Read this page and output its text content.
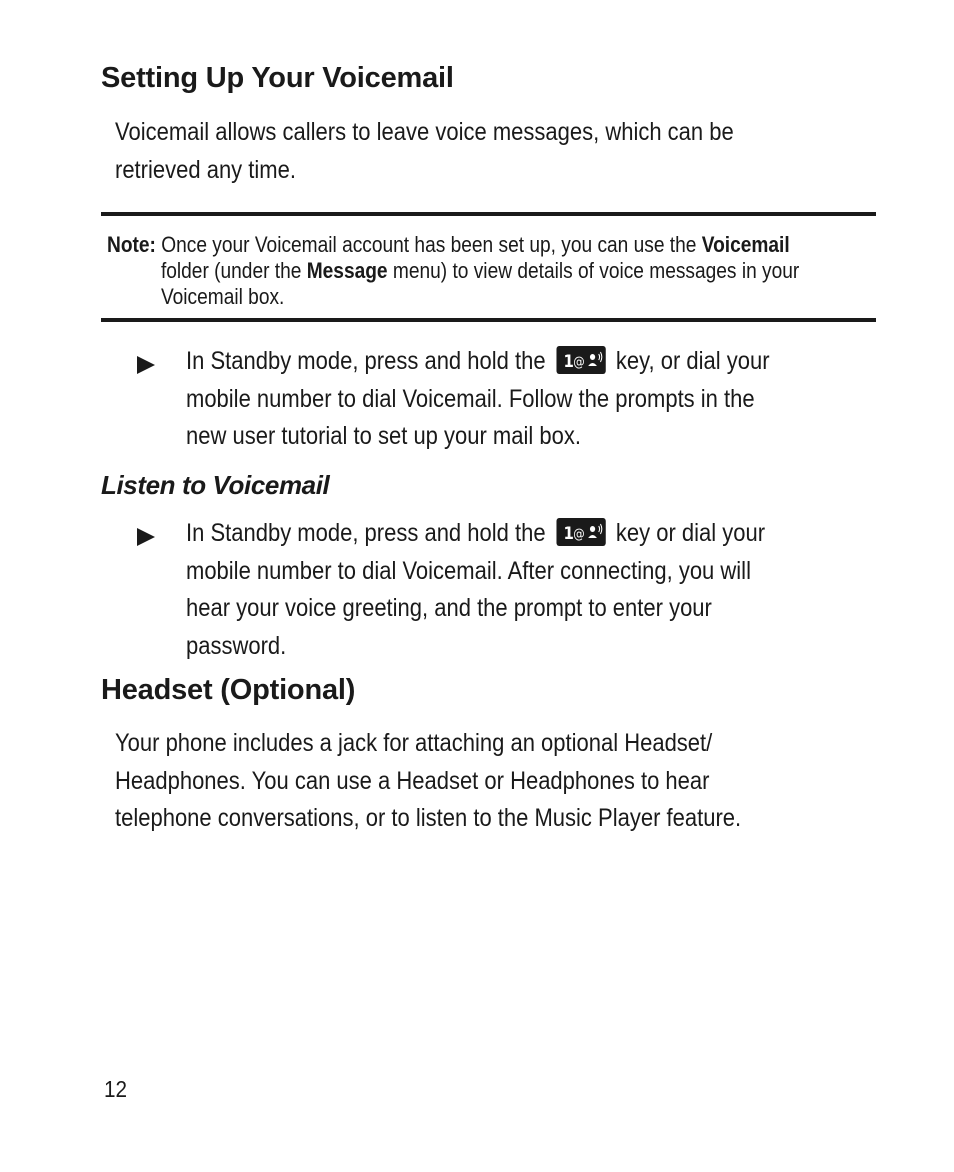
Setting Up Your Voicemail

Voicemail allows callers to leave voice messages, which can be
retrieved any time.

Note: Once your Voicemail account has been set up, you can use the Voicemail
folder (under the Message menu) to view details of voice messages in your
Voicemail box.

In Standby mode, press and hold the 1 @ key, or dial your
mobile number to dial Voicemail. Follow the prompts in the
new user tutorial to set up your mail box.

Listen to Voicemail

In Standby mode, press and hold the 1 @ key or dial your
mobile number to dial Voicemail. After connecting, you will
hear your voice greeting, and the prompt to enter your
password.

Headset (Optional)

Your phone includes a jack for attaching an optional Headset/
Headphones. You can use a Headset or Headphones to hear
telephone conversations, or to listen to the Music Player feature.

12
